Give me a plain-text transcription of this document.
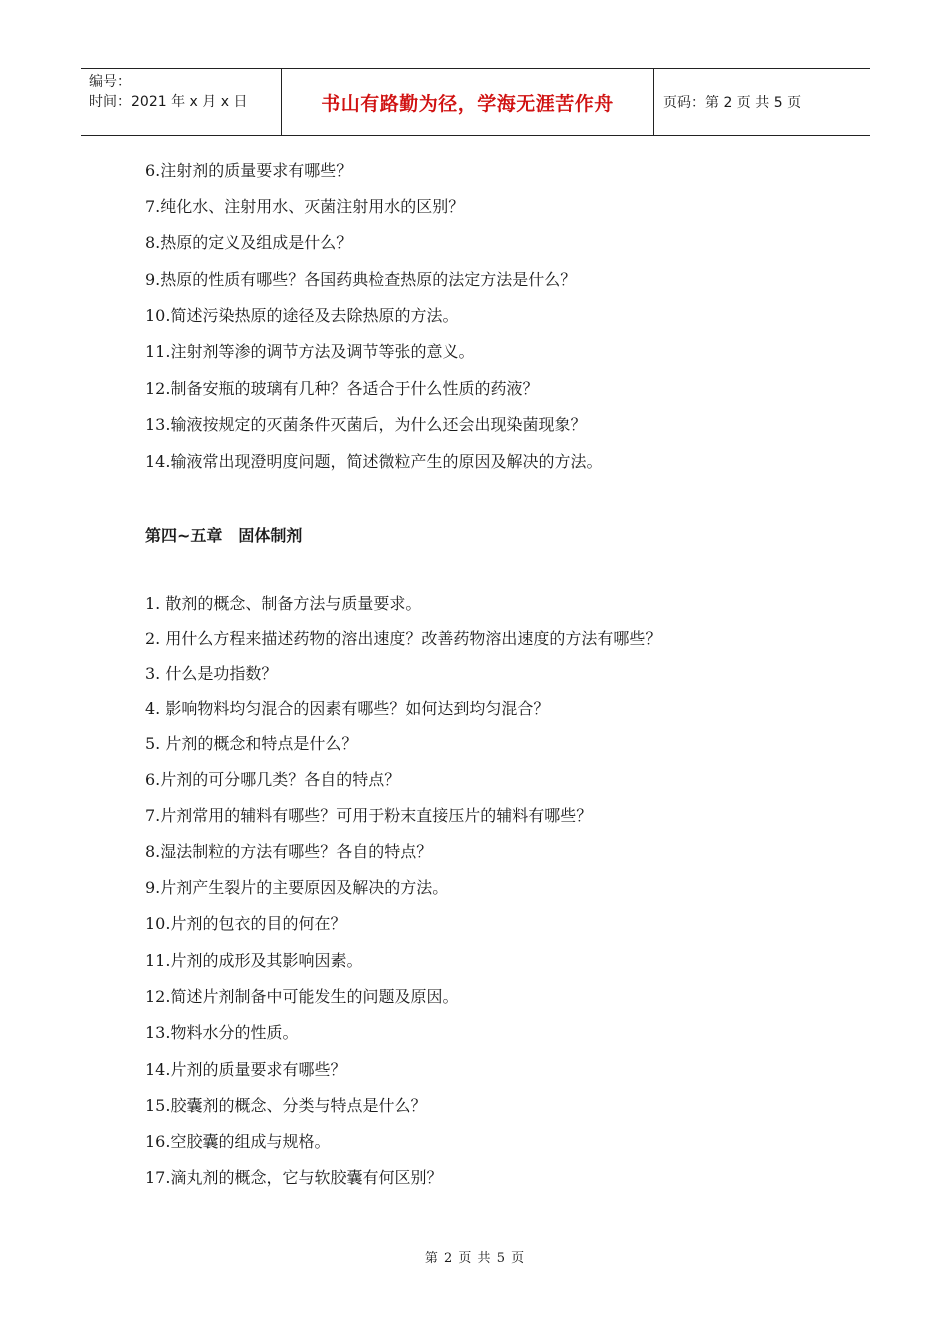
编号：
时间：2021 年 x 月 x 日	书山有路勤为径，学海无涯苦作舟	页码：第 2 页 共 5 页
6.注射剂的质量要求有哪些？
7.纯化水、注射用水、灭菌注射用水的区别？
8.热原的定义及组成是什么？
9.热原的性质有哪些？各国药典检查热原的法定方法是什么？
10.简述污染热原的途径及去除热原的方法。
11.注射剂等渗的调节方法及调节等张的意义。
12.制备安瓶的玻璃有几种？各适合于什么性质的药液？
13.输液按规定的灭菌条件灭菌后，为什么还会出现染菌现象？
14.输液常出现澄明度问题，简述微粒产生的原因及解决的方法。
第四~五章　固体制剂
1. 散剂的概念、制备方法与质量要求。
2. 用什么方程来描述药物的溶出速度？改善药物溶出速度的方法有哪些？
3. 什么是功指数？
4. 影响物料均匀混合的因素有哪些？如何达到均匀混合？
5. 片剂的概念和特点是什么？
6.片剂的可分哪几类？各自的特点？
7.片剂常用的辅料有哪些？可用于粉末直接压片的辅料有哪些？
8.湿法制粒的方法有哪些？各自的特点？
9.片剂产生裂片的主要原因及解决的方法。
10.片剂的包衣的目的何在？
11.片剂的成形及其影响因素。
12.简述片剂制备中可能发生的问题及原因。
13.物料水分的性质。
14.片剂的质量要求有哪些？
15.胶囊剂的概念、分类与特点是什么？
16.空胶囊的组成与规格。
17.滴丸剂的概念，它与软胶囊有何区别？
第 2 页 共 5 页
